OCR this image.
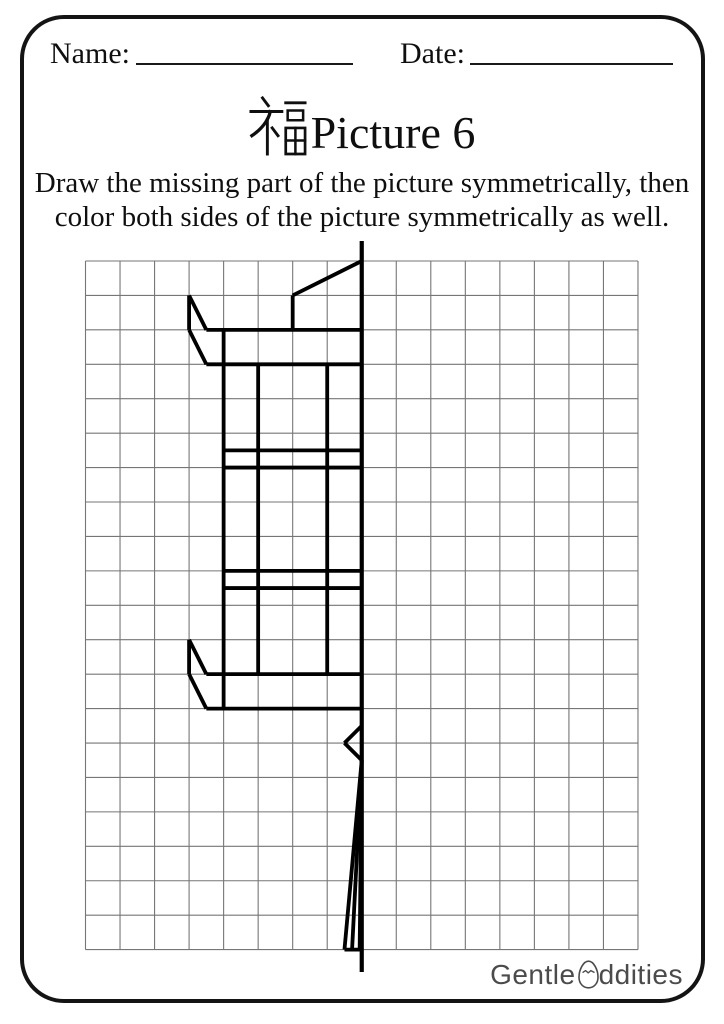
Name:	Date:
Picture 6
Draw the missing part of the picture symmetrically, then
color both sides of the picture symmetrically as well.
Gentle ddities
